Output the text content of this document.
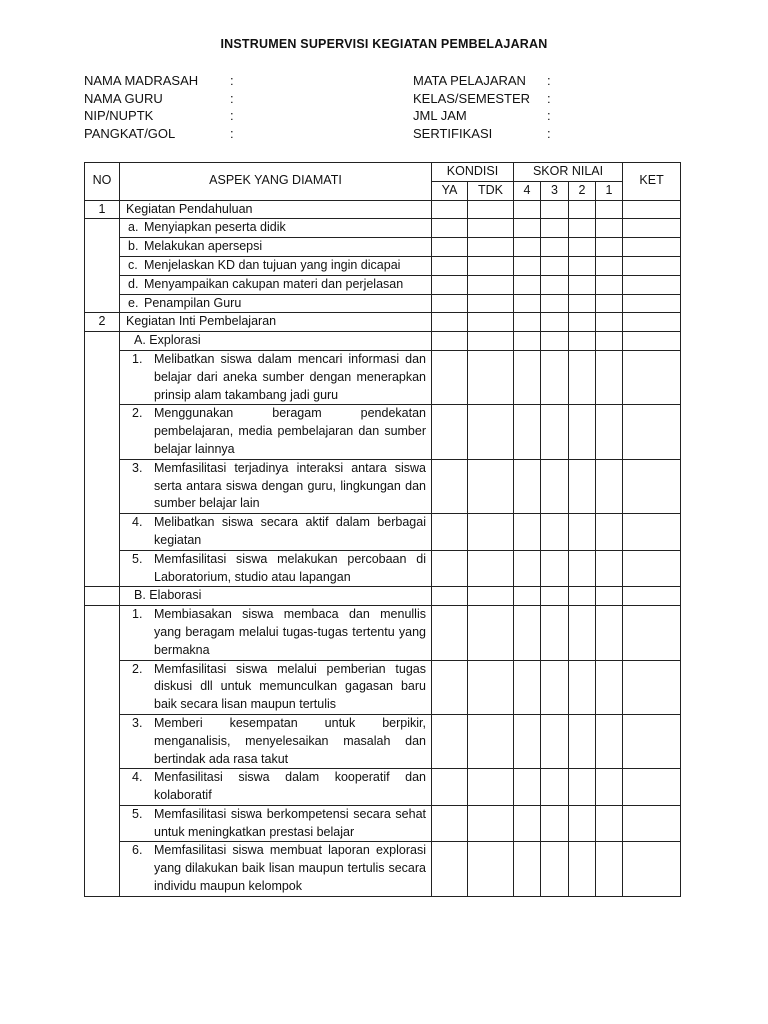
INSTRUMEN SUPERVISI KEGIATAN PEMBELAJARAN
NAMA MADRASAH :
NAMA GURU	:
NIP/NUPTK	:
PANGKAT/GOL	:
MATA PELAJARAN :
KELAS/SEMESTER :
JML JAM	:
SERTIFIKASI	:
NO	ASPEK YANG DIAMATI	KONDISI		SKOR NILAI				KET
		YA	TDK	4	3	2	1	
1	Kegiatan Pendahuluan							

	a. Menyiapkan peserta didik							

	b. Melakukan apersepsi							

	c. Menjelaskan KD dan tujuan yang ingin dicapai							

	d. Menyampaikan cakupan materi dan perjelasan							

	e. Penampilan Guru							

2	Kegiatan Inti Pembelajaran							
	A. Explorasi							

	1. Melibatkan siswa dalam mencari informasi dan belajar dari aneka sumber dengan menerapkan prinsip alam takambang jadi guru							

	2. Menggunakan beragam pendekatan pembelajaran, media pembelajaran dan sumber belajar lainnya							

	3. Memfasilitasi terjadinya interaksi antara siswa serta antara siswa dengan guru, lingkungan dan sumber belajar lain							

	4. Melibatkan siswa secara aktif dalam berbagai kegiatan							

	5. Memfasilitasi siswa melakukan percobaan di Laboratorium, studio atau lapangan							

	B. Elaborasi							

	1. Membiasakan siswa membaca dan menullis yang beragam melalui tugas-tugas tertentu yang bermakna							

	2. Memfasilitasi siswa melalui pemberian tugas diskusi dll untuk memunculkan gagasan baru baik secara lisan maupun tertulis							

	3. Memberi kesempatan untuk berpikir, menganalisis, menyelesaikan masalah dan bertindak ada rasa takut							

	4. Menfasilitasi siswa dalam kooperatif dan kolaboratif							

	5. Memfasilitasi siswa berkompetensi secara sehat untuk meningkatkan prestasi belajar							

	6. Memfasilitasi siswa membuat laporan explorasi yang dilakukan baik lisan maupun tertulis secara individu maupun kelompok							
